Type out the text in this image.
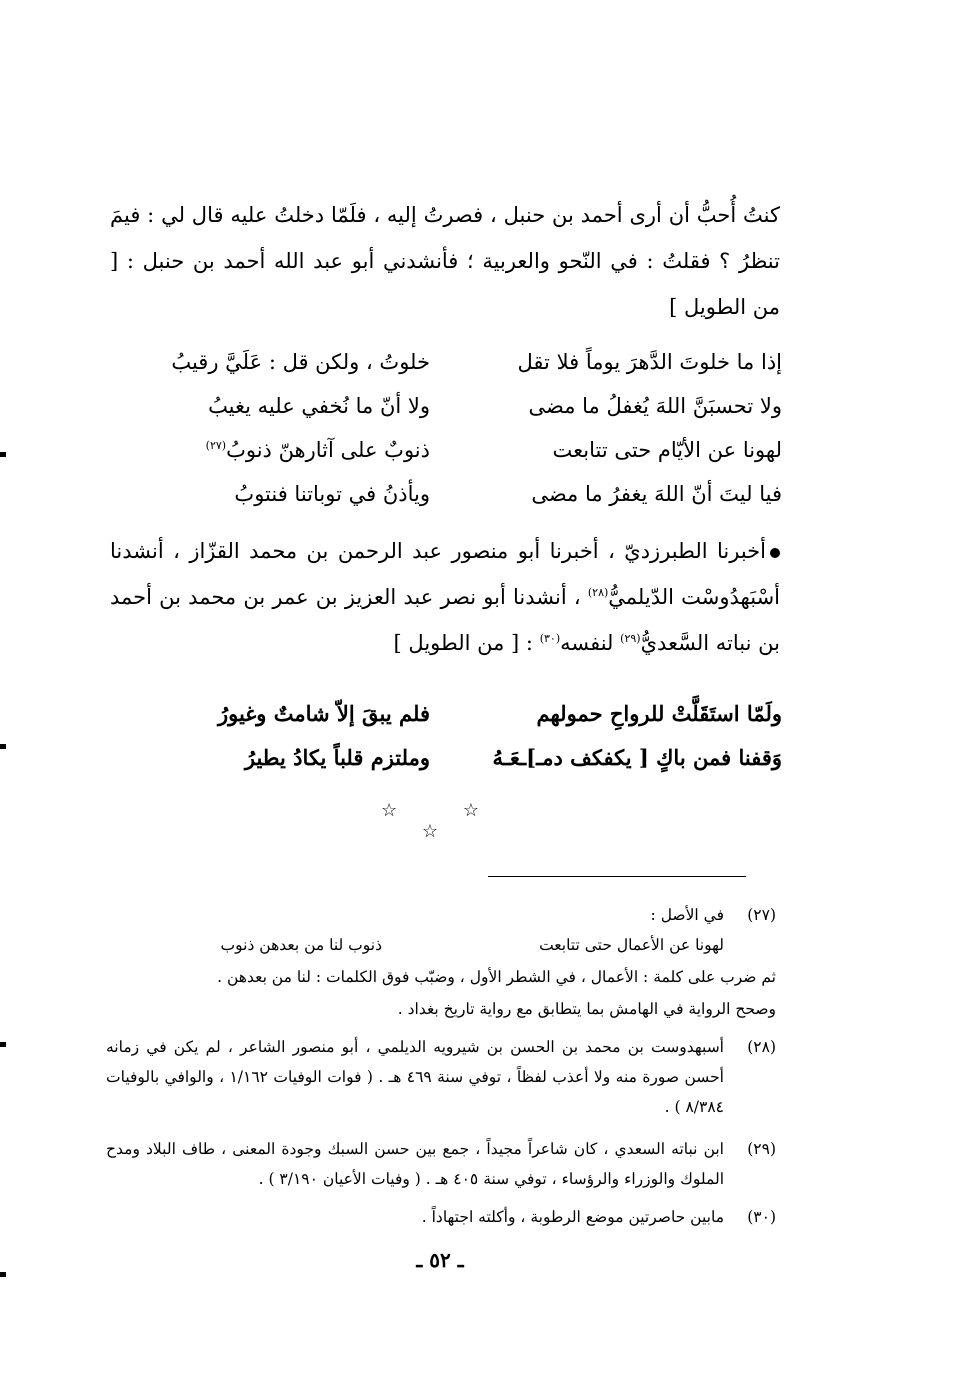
كنتُ أُحبُّ أن أرى أحمد بن حنبل ، فصرتُ إليه ، فلَمّا دخلتُ عليه قال لي : فيمَ تنظرُ ؟ فقلتُ : في النّحو والعربية ؛ فأنشدني أبو عبد الله أحمد بن حنبل : [ من الطويل ]
إذا ما خلوتَ الدَّهرَ يوماً فلا تقل
خلوتُ ، ولكن قل : عَلَيَّ رقيبُ
ولا تحسبَنَّ اللهَ يُغفلُ ما مضى
ولا أنّ ما نُخفي عليه يغيبُ
لهونا عن الأيّام حتى تتابعت
ذنوبٌ على آثارهنّ ذنوبُ$^{(٢٧)}$
فيا ليتَ أنّ اللهَ يغفرُ ما مضى
ويأذنُ في توباتنا فنتوبُ
أخبرنا الطبرزديّ ، أخبرنا أبو منصور عبد الرحمن بن محمد القزّاز ، أنشدنا أسْبَهدُوسْت الدّيلميُّ$^{(٢٨)}$ ، أنشدنا أبو نصر عبد العزيز بن عمر بن محمد بن أحمد بن نباته السَّعديُّ$^{(٢٩)}$ لنفسه$^{(٣٠)}$ : [ من الطويل ]
ولَمّا استَقَلَّتْ للرواحِ حمولهم
فلم يبقَ إلاّ شامتٌ وغيورُ
وَقفنا فمن باكٍ [ يكفكف دمـ]ـعَـهُ
وملتزم قلباً يكادُ يطيرُ
☆ ☆ ☆
(٢٧)
في الأصل :
لهونا عن الأعمال حتى تتابعت
ذنوب لنا من بعدهن ذنوب
ثم ضرب على كلمة : الأعمال ، في الشطر الأول ، وضبّب فوق الكلمات : لنا من بعدهن .
وصحح الرواية في الهامش بما يتطابق مع رواية تاريخ بغداد .
(٢٨)
أسبهدوست بن محمد بن الحسن بن شيرويه الديلمي ، أبو منصور الشاعر ، لم يكن في زمانه أحسن صورة منه ولا أعذب لفظاً ، توفي سنة ٤٦٩ هـ . ( فوات الوفيات ١/١٦٢ ، والوافي بالوفيات ٨/٣٨٤ ) .
(٢٩)
ابن نباته السعدي ، كان شاعراً مجيداً ، جمع بين حسن السبك وجودة المعنى ، طاف البلاد ومدح الملوك والوزراء والرؤساء ، توفي سنة ٤٠٥ هـ . ( وفيات الأعيان ٣/١٩٠ ) .
(٣٠)
مابين حاصرتين موضع الرطوبة ، وأكلته اجتهاداً .
ـ ٥٢ ـ
